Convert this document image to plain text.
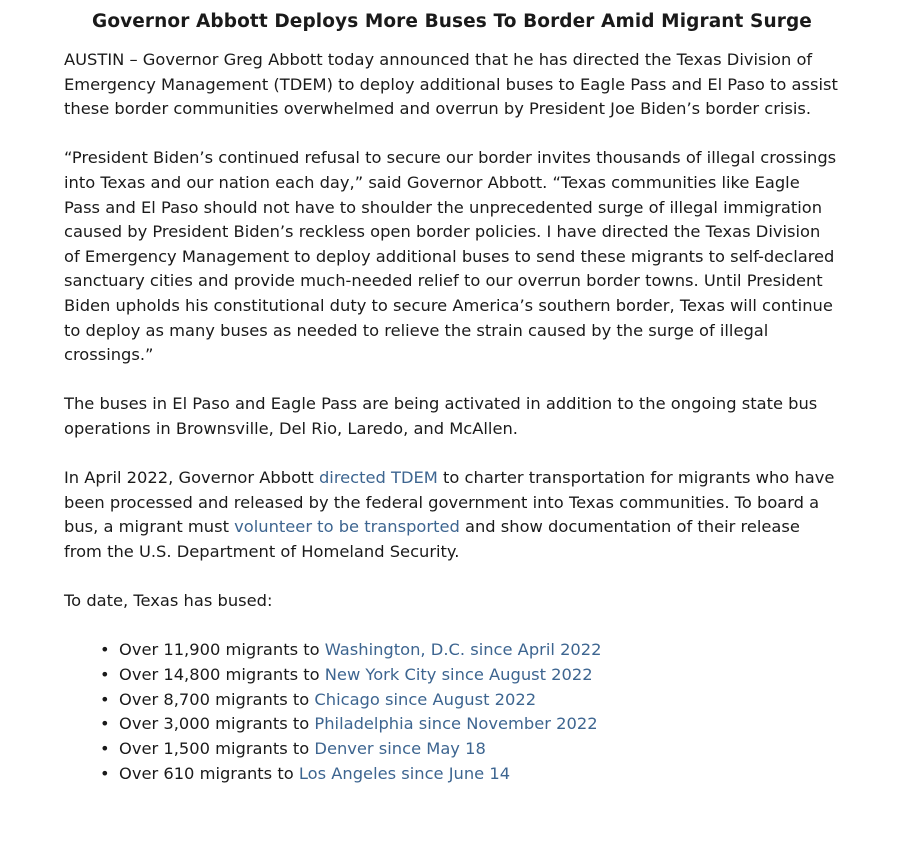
Governor Abbott Deploys More Buses To Border Amid Migrant Surge

AUSTIN – Governor Greg Abbott today announced that he has directed the Texas Division of Emergency Management (TDEM) to deploy additional buses to Eagle Pass and El Paso to assist these border communities overwhelmed and overrun by President Joe Biden’s border crisis.

“President Biden’s continued refusal to secure our border invites thousands of illegal crossings into Texas and our nation each day,” said Governor Abbott. “Texas communities like Eagle Pass and El Paso should not have to shoulder the unprecedented surge of illegal immigration caused by President Biden’s reckless open border policies. I have directed the Texas Division of Emergency Management to deploy additional buses to send these migrants to self-declared sanctuary cities and provide much-needed relief to our overrun border towns. Until President Biden upholds his constitutional duty to secure America’s southern border, Texas will continue to deploy as many buses as needed to relieve the strain caused by the surge of illegal crossings.”

The buses in El Paso and Eagle Pass are being activated in addition to the ongoing state bus operations in Brownsville, Del Rio, Laredo, and McAllen.

In April 2022, Governor Abbott directed TDEM to charter transportation for migrants who have been processed and released by the federal government into Texas communities. To board a bus, a migrant must volunteer to be transported and show documentation of their release from the U.S. Department of Homeland Security.

To date, Texas has bused:

• Over 11,900 migrants to Washington, D.C. since April 2022
• Over 14,800 migrants to New York City since August 2022
• Over 8,700 migrants to Chicago since August 2022
• Over 3,000 migrants to Philadelphia since November 2022
• Over 1,500 migrants to Denver since May 18
• Over 610 migrants to Los Angeles since June 14
